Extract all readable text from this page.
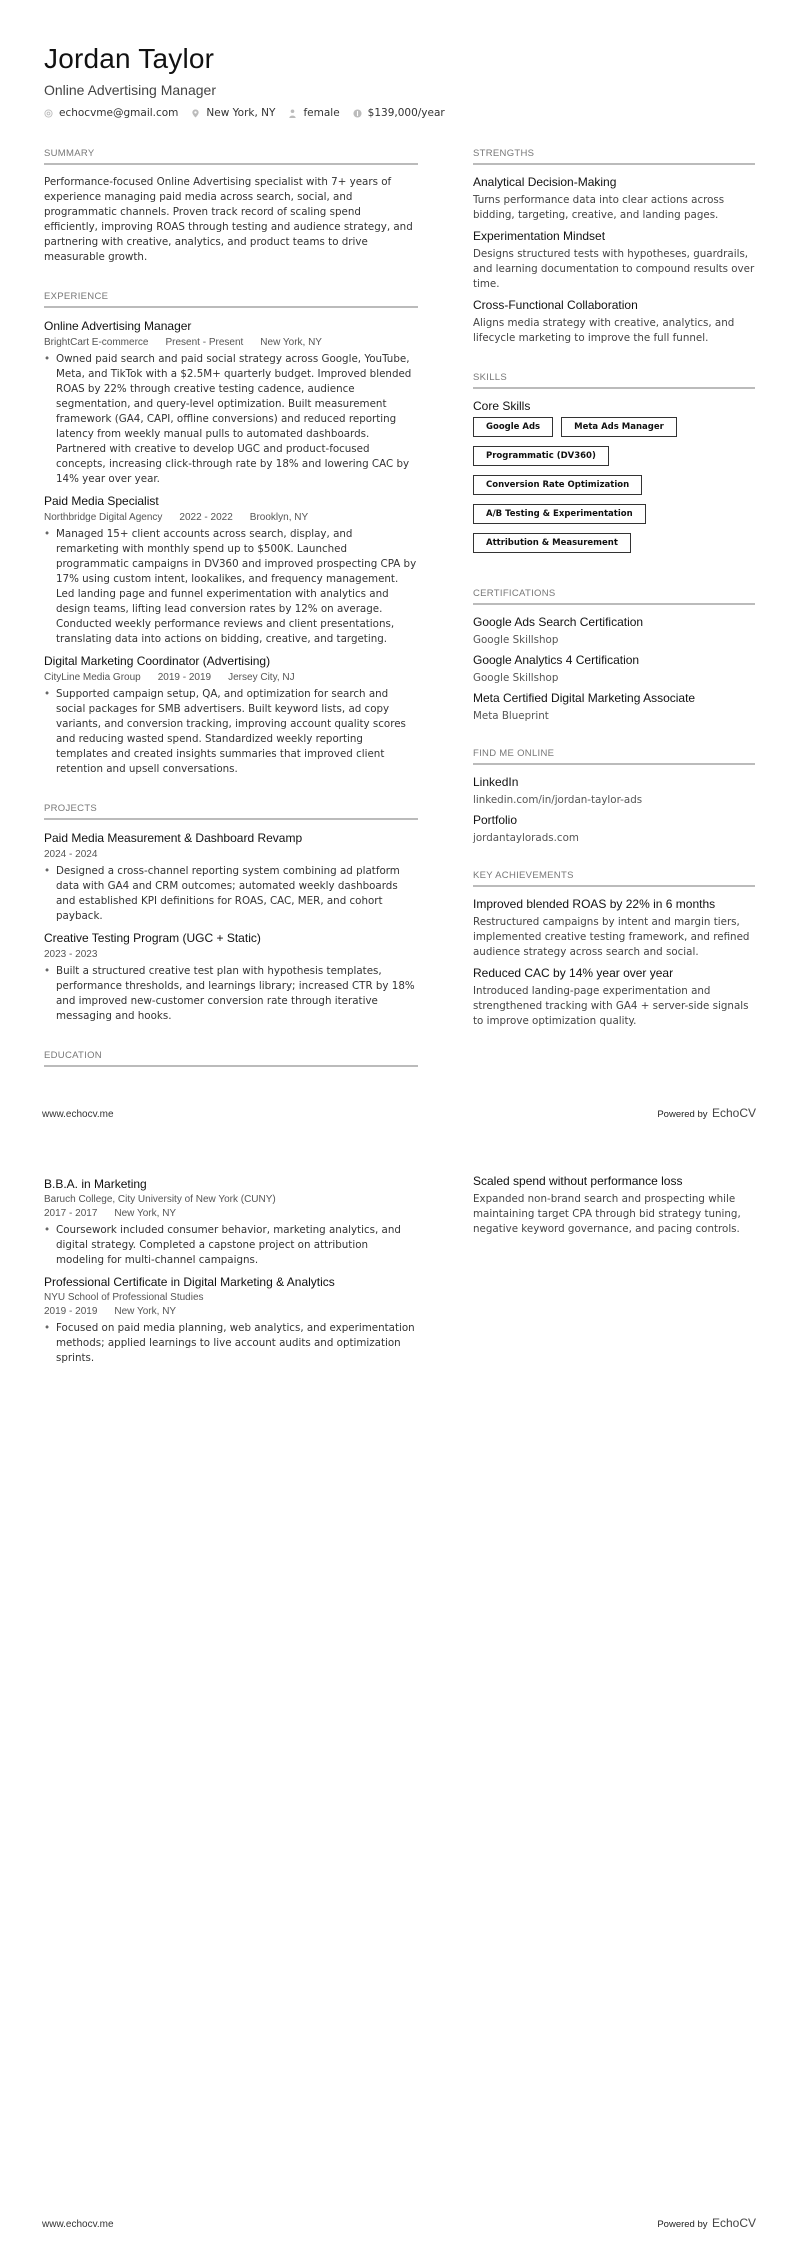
Jordan Taylor
Online Advertising Manager
echocvme@gmail.com	New York, NY	female	$139,000/year
SUMMARY
Performance-focused Online Advertising specialist with 7+ years of experience managing paid media across search, social, and programmatic channels. Proven track record of scaling spend efficiently, improving ROAS through testing and audience strategy, and partnering with creative, analytics, and product teams to drive measurable growth.
EXPERIENCE
Online Advertising Manager
BrightCart E-commerce Present - Present New York, NY
• Owned paid search and paid social strategy across Google, YouTube, Meta, and TikTok with a $2.5M+ quarterly budget. Improved blended ROAS by 22% through creative testing cadence, audience segmentation, and query-level optimization. Built measurement framework (GA4, CAPI, offline conversions) and reduced reporting latency from weekly manual pulls to automated dashboards. Partnered with creative to develop UGC and product-focused concepts, increasing click-through rate by 18% and lowering CAC by 14% year over year.
Paid Media Specialist
Northbridge Digital Agency 2022 - 2022 Brooklyn, NY
• Managed 15+ client accounts across search, display, and remarketing with monthly spend up to $500K. Launched programmatic campaigns in DV360 and improved prospecting CPA by 17% using custom intent, lookalikes, and frequency management. Led landing page and funnel experimentation with analytics and design teams, lifting lead conversion rates by 12% on average. Conducted weekly performance reviews and client presentations, translating data into actions on bidding, creative, and targeting.
Digital Marketing Coordinator (Advertising)
CityLine Media Group 2019 - 2019 Jersey City, NJ
• Supported campaign setup, QA, and optimization for search and social packages for SMB advertisers. Built keyword lists, ad copy variants, and conversion tracking, improving account quality scores and reducing wasted spend. Standardized weekly reporting templates and created insights summaries that improved client retention and upsell conversations.
PROJECTS
Paid Media Measurement & Dashboard Revamp
2024 - 2024
• Designed a cross-channel reporting system combining ad platform data with GA4 and CRM outcomes; automated weekly dashboards and established KPI definitions for ROAS, CAC, MER, and cohort payback.
Creative Testing Program (UGC + Static)
2023 - 2023
• Built a structured creative test plan with hypothesis templates, performance thresholds, and learnings library; increased CTR by 18% and improved new-customer conversion rate through iterative messaging and hooks.
EDUCATION
STRENGTHS
Analytical Decision-Making
Turns performance data into clear actions across bidding, targeting, creative, and landing pages.
Experimentation Mindset
Designs structured tests with hypotheses, guardrails, and learning documentation to compound results over time.
Cross-Functional Collaboration
Aligns media strategy with creative, analytics, and lifecycle marketing to improve the full funnel.
SKILLS
Core Skills
Google Ads	Meta Ads Manager
Programmatic (DV360)
Conversion Rate Optimization
A/B Testing & Experimentation
Attribution & Measurement
CERTIFICATIONS
Google Ads Search Certification
Google Skillshop
Google Analytics 4 Certification
Google Skillshop
Meta Certified Digital Marketing Associate
Meta Blueprint
FIND ME ONLINE
LinkedIn
linkedin.com/in/jordan-taylor-ads
Portfolio
jordantaylorads.com
KEY ACHIEVEMENTS
Improved blended ROAS by 22% in 6 months
Restructured campaigns by intent and margin tiers, implemented creative testing framework, and refined audience strategy across search and social.
Reduced CAC by 14% year over year
Introduced landing-page experimentation and strengthened tracking with GA4 + server-side signals to improve optimization quality.
www.echocv.me	Powered by EchoCV
B.B.A. in Marketing
Baruch College, City University of New York (CUNY)
2017 - 2017 New York, NY
• Coursework included consumer behavior, marketing analytics, and digital strategy. Completed a capstone project on attribution modeling for multi-channel campaigns.
Professional Certificate in Digital Marketing & Analytics
NYU School of Professional Studies
2019 - 2019 New York, NY
• Focused on paid media planning, web analytics, and experimentation methods; applied learnings to live account audits and optimization sprints.
Scaled spend without performance loss
Expanded non-brand search and prospecting while maintaining target CPA through bid strategy tuning, negative keyword governance, and pacing controls.
www.echocv.me	Powered by EchoCV
